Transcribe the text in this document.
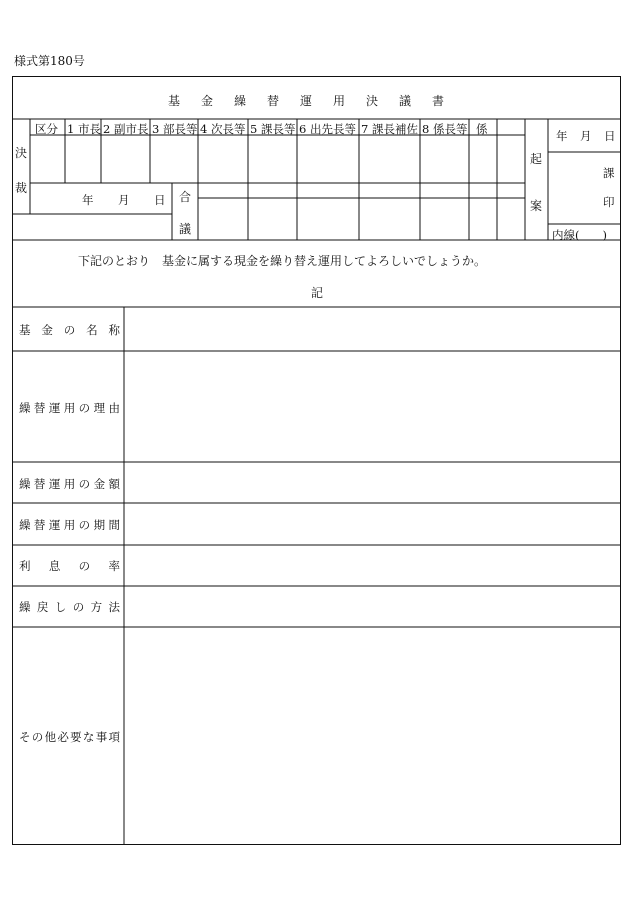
様式第180号
基金繰替運用決議書
決
裁
区分 1 市長 2 副市長 3 部長等 4 次長等 5 課長等 6 出先長等 7 課長補佐 8 係長等 係
年 月 日 合
議
起
案
年 月 日
課
印
内線(　　)
下記のとおり　基金に属する現金を繰り替え運用してよろしいでしょうか。
記
基金の名称
繰替運用の理由
繰替運用の金額
繰替運用の期間
利息の率
繰戻しの方法
その他必要な事項
